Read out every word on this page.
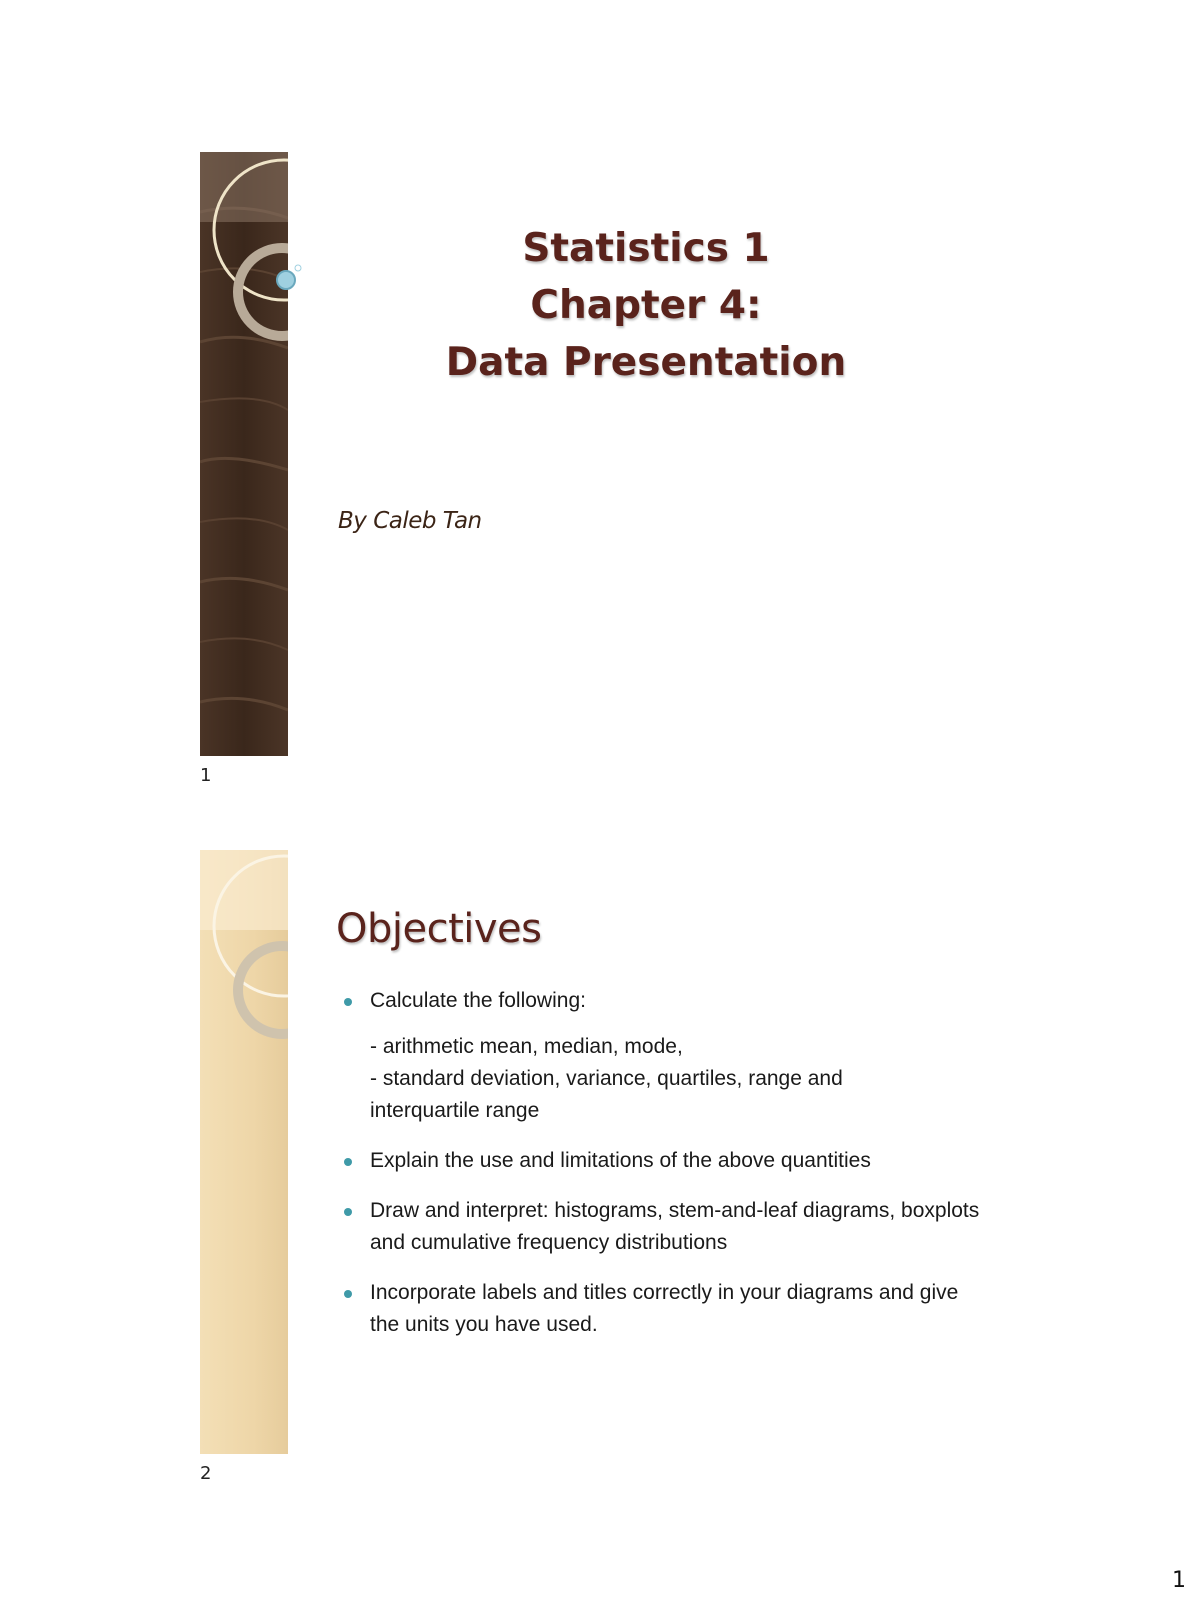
Statistics 1
Chapter 4:
Data Presentation
By Caleb Tan
1
Objectives
Calculate the following:
- arithmetic mean, median, mode,
- standard deviation, variance, quartiles, range and
interquartile range
Explain the use and limitations of the above quantities
Draw and interpret: histograms, stem-and-leaf diagrams, boxplots and cumulative frequency distributions
Incorporate labels and titles correctly in your diagrams and give the units you have used.
2
1
